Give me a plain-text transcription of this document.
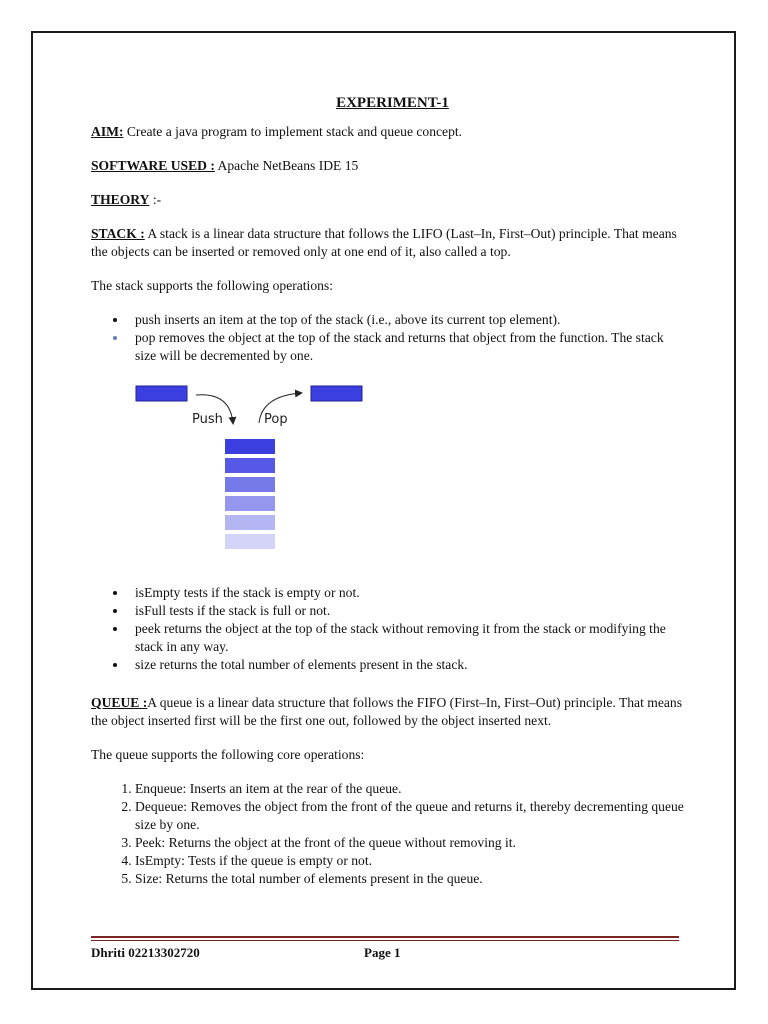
EXPERIMENT-1

AIM: Create a java program to implement stack and queue concept.

SOFTWARE USED : Apache NetBeans IDE 15

THEORY :-

STACK : A stack is a linear data structure that follows the LIFO (Last–In, First–Out) principle. That means the objects can be inserted or removed only at one end of it, also called a top.

The stack supports the following operations:

push inserts an item at the top of the stack (i.e., above its current top element).
pop removes the object at the top of the stack and returns that object from the function. The stack size will be decremented by one.
Push	Pop
isEmpty tests if the stack is empty or not.
isFull tests if the stack is full or not.
peek returns the object at the top of the stack without removing it from the stack or modifying the stack in any way.
size returns the total number of elements present in the stack.

QUEUE :A queue is a linear data structure that follows the FIFO (First–In, First–Out) principle. That means the object inserted first will be the first one out, followed by the object inserted next.

The queue supports the following core operations:

1. Enqueue: Inserts an item at the rear of the queue.
2. Dequeue: Removes the object from the front of the queue and returns it, thereby decrementing queue size by one.
3. Peek: Returns the object at the front of the queue without removing it.
4. IsEmpty: Tests if the queue is empty or not.
5. Size: Returns the total number of elements present in the queue.
Dhriti 02213302720	Page 1
